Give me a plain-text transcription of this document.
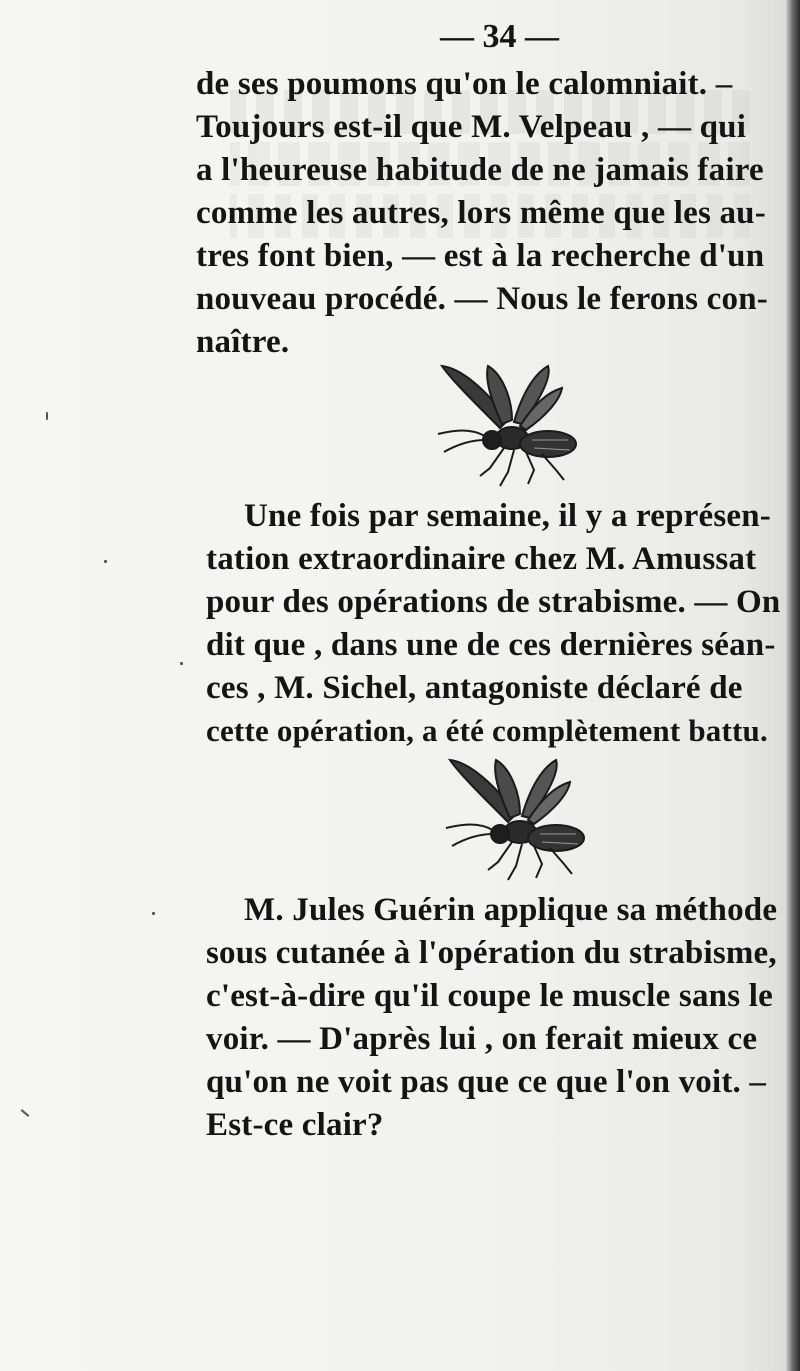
— 34 —
de ses poumons qu'on le calomniait. –
Toujours est-il que M. Velpeau , — qui
a l'heureuse habitude de ne jamais faire
comme les autres, lors même que les au-
tres font bien, — est à la recherche d'un
nouveau procédé. — Nous le ferons con-
naître.
Une fois par semaine, il y a représen-
tation extraordinaire chez M. Amussat
pour des opérations de strabisme. — On
dit que , dans une de ces dernières séan-
ces , M. Sichel, antagoniste déclaré de
cette opération, a été complètement battu.
M. Jules Guérin applique sa méthode
sous cutanée à l'opération du strabisme,
c'est-à-dire qu'il coupe le muscle sans le
voir. — D'après lui , on ferait mieux ce
qu'on ne voit pas que ce que l'on voit. –
Est-ce clair?
